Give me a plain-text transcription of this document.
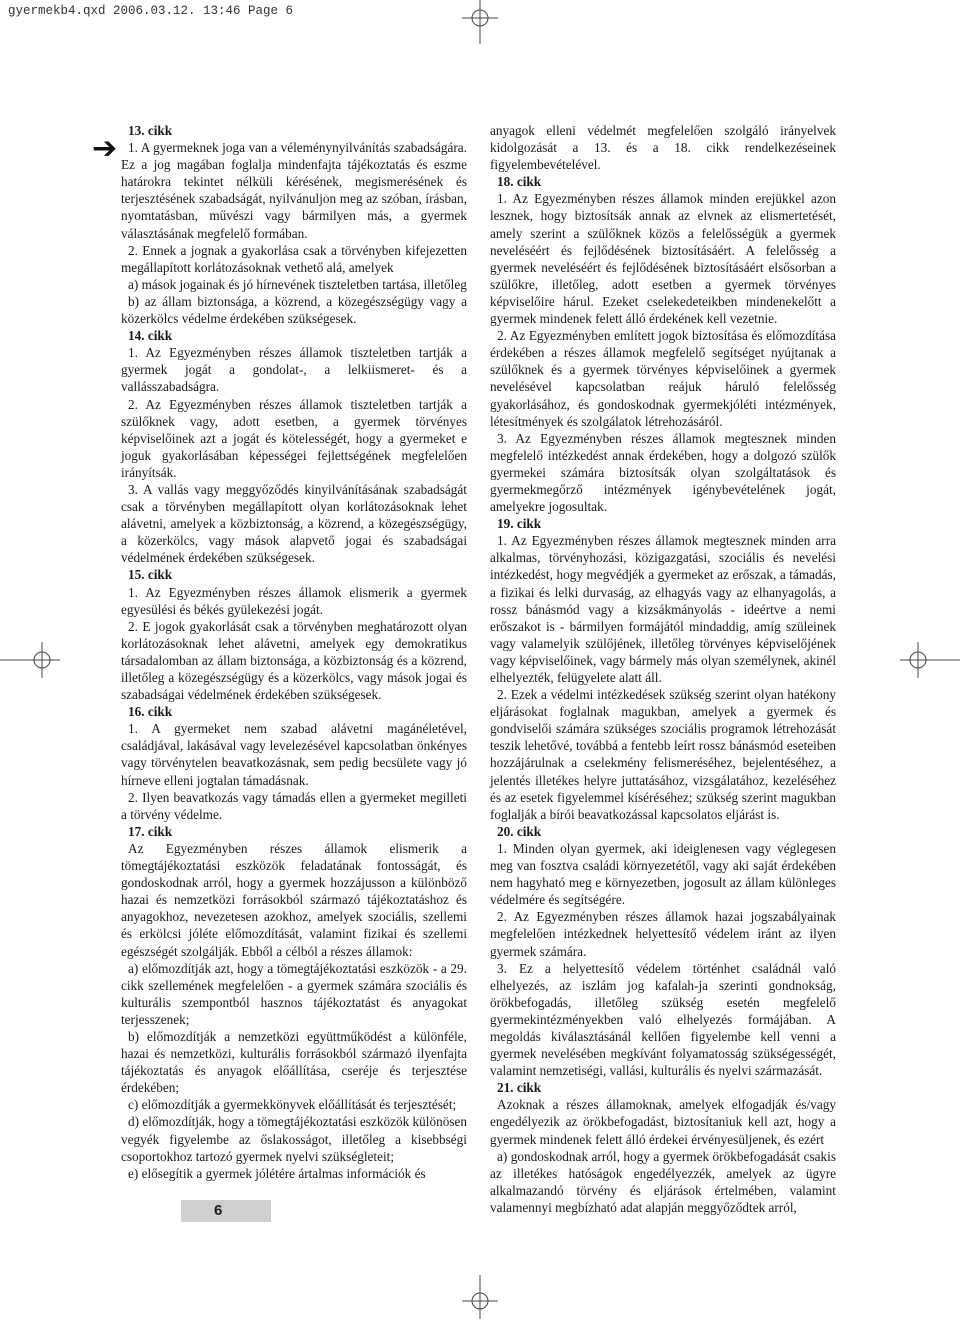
gyermekb4.qxd 2006.03.12. 13:46 Page 6
➔

13. cikk

1. A gyermeknek joga van a véleménynyilvánítás szabadságára. Ez a jog magában foglalja mindenfajta tájékoztatás és eszme határokra tekintet nélküli kérésének, megismerésének és terjesztésének szabadságát, nyilvánuljon meg az szóban, írásban, nyomtatásban, művészi vagy bármilyen más, a gyermek választásának megfelelő formában.

2. Ennek a jognak a gyakorlása csak a törvényben kifejezetten megállapított korlátozásoknak vethető alá, amelyek

a) mások jogainak és jó hírnevének tiszteletben tartása, illetőleg

b) az állam biztonsága, a közrend, a közegészségügy vagy a közerkölcs védelme érdekében szükségesek.

14. cikk

1. Az Egyezményben részes államok tiszteletben tartják a gyermek jogát a gondolat-, a lelkiismeret- és a vallásszabadságra.

2. Az Egyezményben részes államok tiszteletben tartják a szülőknek vagy, adott esetben, a gyermek törvényes képviselőinek azt a jogát és kötelességét, hogy a gyermeket e joguk gyakorlásában képességei fejlettségének megfelelően irányítsák.

3. A vallás vagy meggyőződés kinyilvánításának szabadságát csak a törvényben megállapított olyan korlátozásoknak lehet alávetni, amelyek a közbiztonság, a közrend, a közegészségügy, a közerkölcs, vagy mások alapvető jogai és szabadságai védelmének érdekében szükségesek.

15. cikk

1. Az Egyezményben részes államok elismerik a gyermek egyesülési és békés gyülekezési jogát.

2. E jogok gyakorlását csak a törvényben meghatározott olyan korlátozásoknak lehet alávetni, amelyek egy demokratikus társadalomban az állam biztonsága, a közbiztonság és a közrend, illetőleg a közegészségügy és a közerkölcs, vagy mások jogai és szabadságai védelmének érdekében szükségesek.

16. cikk

1. A gyermeket nem szabad alávetni magánéletével, családjával, lakásával vagy levelezésével kapcsolatban önkényes vagy törvénytelen beavatkozásnak, sem pedig becsülete vagy jó hírneve elleni jogtalan támadásnak.

2. Ilyen beavatkozás vagy támadás ellen a gyermeket megilleti a törvény védelme.

17. cikk

Az Egyezményben részes államok elismerik a tömegtájékoztatási eszközök feladatának fontosságát, és gondoskodnak arról, hogy a gyermek hozzájusson a különböző hazai és nemzetközi forrásokból származó tájékoztatáshoz és anyagokhoz, nevezetesen azokhoz, amelyek szociális, szellemi és erkölcsi jóléte előmozdítását, valamint fizikai és szellemi egészségét szolgálják. Ebből a célból a részes államok:

a) előmozdítják azt, hogy a tömegtájékoztatási eszközök - a 29. cikk szellemének megfelelően - a gyermek számára szociális és kulturális szempontból hasznos tájékoztatást és anyagokat terjesszenek;

b) előmozdítják a nemzetközi együttműködést a különféle, hazai és nemzetközi, kulturális forrásokból származó ilyenfajta tájékoztatás és anyagok előállítása, cseréje és terjesztése érdekében;

c) előmozdítják a gyermekkönyvek előállítását és terjesztését;

d) előmozdítják, hogy a tömegtájékoztatási eszközök különösen vegyék figyelembe az őslakosságot, illetőleg a kisebbségi csoportokhoz tartozó gyermek nyelvi szükségleteit;

e) elősegítik a gyermek jólétére ártalmas információk és

anyagok elleni védelmét megfelelően szolgáló irányelvek kidolgozását a 13. és a 18. cikk rendelkezéseinek figyelembevételével.

18. cikk

1. Az Egyezményben részes államok minden erejükkel azon lesznek, hogy biztosítsák annak az elvnek az elismertetését, amely szerint a szülőknek közös a felelősségük a gyermek neveléséért és fejlődésének biztosításáért. A felelősség a gyermek neveléséért és fejlődésének biztosításáért elsősorban a szülőkre, illetőleg, adott esetben a gyermek törvényes képviselőire hárul. Ezeket cselekedeteikben mindenekelőtt a gyermek mindenek felett álló érdekének kell vezetnie.

2. Az Egyezményben említett jogok biztosítása és előmozdítása érdekében a részes államok megfelelő segítséget nyújtanak a szülőknek és a gyermek törvényes képviselőinek a gyermek nevelésével kapcsolatban reájuk háruló felelősség gyakorlásához, és gondoskodnak gyermekjóléti intézmények, létesítmények és szolgálatok létrehozásáról.

3. Az Egyezményben részes államok megtesznek minden megfelelő intézkedést annak érdekében, hogy a dolgozó szülők gyermekei számára biztosítsák olyan szolgáltatások és gyermekmegőrző intézmények igénybevételének jogát, amelyekre jogosultak.

19. cikk

1. Az Egyezményben részes államok megtesznek minden arra alkalmas, törvényhozási, közigazgatási, szociális és nevelési intézkedést, hogy megvédjék a gyermeket az erőszak, a támadás, a fizikai és lelki durvaság, az elhagyás vagy az elhanyagolás, a rossz bánásmód vagy a kizsákmányolás - ideértve a nemi erőszakot is - bármilyen formájától mindaddig, amíg szüleinek vagy valamelyik szülőjének, illetőleg törvényes képviselőjének vagy képviselőinek, vagy bármely más olyan személynek, akinél elhelyezték, felügyelete alatt áll.

2. Ezek a védelmi intézkedések szükség szerint olyan hatékony eljárásokat foglalnak magukban, amelyek a gyermek és gondviselői számára szükséges szociális programok létrehozását teszik lehetővé, továbbá a fentebb leírt rossz bánásmód eseteiben hozzájárulnak a cselekmény felismeréséhez, bejelentéséhez, a jelentés illetékes helyre juttatásához, vizsgálatához, kezeléséhez és az esetek figyelemmel kíséréséhez; szükség szerint magukban foglalják a bírói beavatkozással kapcsolatos eljárást is.

20. cikk

1. Minden olyan gyermek, aki ideiglenesen vagy véglegesen meg van fosztva családi környezetétől, vagy aki saját érdekében nem hagyható meg e környezetben, jogosult az állam különleges védelmére és segítségére.

2. Az Egyezményben részes államok hazai jogszabályainak megfelelően intézkednek helyettesítő védelem iránt az ilyen gyermek számára.

3. Ez a helyettesítő védelem történhet családnál való elhelyezés, az iszlám jog kafalah-ja szerinti gondnokság, örökbefogadás, illetőleg szükség esetén megfelelő gyermekintézményekben való elhelyezés formájában. A megoldás kiválasztásánál kellően figyelembe kell venni a gyermek nevelésében megkívánt folyamatosság szükségességét, valamint nemzetiségi, vallási, kulturális és nyelvi származását.

21. cikk

Azoknak a részes államoknak, amelyek elfogadják és/vagy engedélyezik az örökbefogadást, biztosítaniuk kell azt, hogy a gyermek mindenek felett álló érdekei érvényesüljenek, és ezért

a) gondoskodnak arról, hogy a gyermek örökbefogadását csakis az illetékes hatóságok engedélyezzék, amelyek az ügyre alkalmazandó törvény és eljárások értelmében, valamint valamennyi megbízható adat alapján meggyőződtek arról,

6
